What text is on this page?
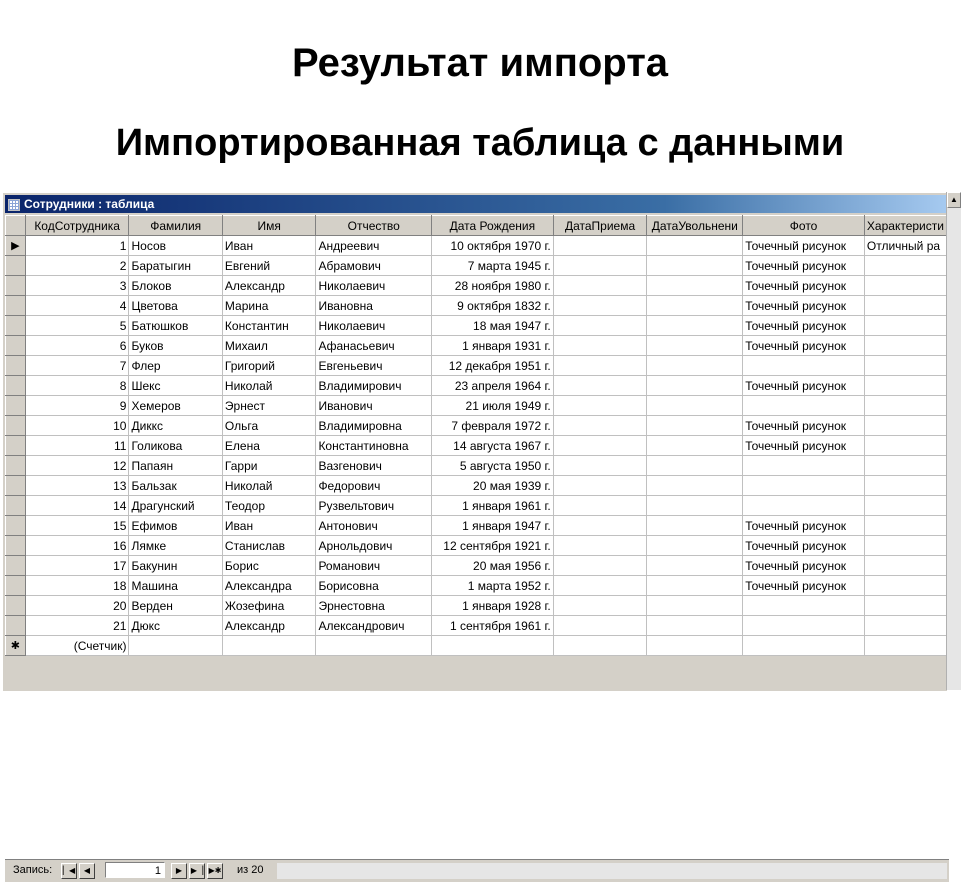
Результат импорта
Импортированная таблица с данными
Сотрудники : таблица
	КодСотрудника	Фамилия	Имя	Отчество	Дата Рождения	ДатаПриема	ДатаУвольнени	Фото	Характеристи
▶	1	Носов	Иван	Андреевич	10 октября 1970 г.			Точечный рисунок	Отличный ра
	2	Баратыгин	Евгений	Абрамович	7 марта 1945 г.			Точечный рисунок	
	3	Блоков	Александр	Николаевич	28 ноября 1980 г.			Точечный рисунок	
	4	Цветова	Марина	Ивановна	9 октября 1832 г.			Точечный рисунок	
	5	Батюшков	Константин	Николаевич	18 мая 1947 г.			Точечный рисунок	
	6	Буков	Михаил	Афанасьевич	1 января 1931 г.			Точечный рисунок	
	7	Флер	Григорий	Евгеньевич	12 декабря 1951 г.				
	8	Шекс	Николай	Владимирович	23 апреля 1964 г.			Точечный рисунок	
	9	Хемеров	Эрнест	Иванович	21 июля 1949 г.				
	10	Диккс	Ольга	Владимировна	7 февраля 1972 г.			Точечный рисунок	
	11	Голикова	Елена	Константиновна	14 августа 1967 г.			Точечный рисунок	
	12	Папаян	Гарри	Вазгенович	5 августа 1950 г.				
	13	Бальзак	Николай	Федорович	20 мая 1939 г.				
	14	Драгунский	Теодор	Рузвельтович	1 января 1961 г.				
	15	Ефимов	Иван	Антонович	1 января 1947 г.			Точечный рисунок	
	16	Лямке	Станислав	Арнольдович	12 сентября 1921 г.			Точечный рисунок	
	17	Бакунин	Борис	Романович	20 мая 1956 г.			Точечный рисунок	
	18	Машина	Александра	Борисовна	1 марта 1952 г.			Точечный рисунок	
	20	Верден	Жозефина	Эрнестовна	1 января 1928 г.				
	21	Дюкс	Александр	Александрович	1 сентября 1961 г.				
✱	(Счетчик)								
Запись: ▏◀	◀	1	▶	▶▕ ▶✱ из 20
▲
